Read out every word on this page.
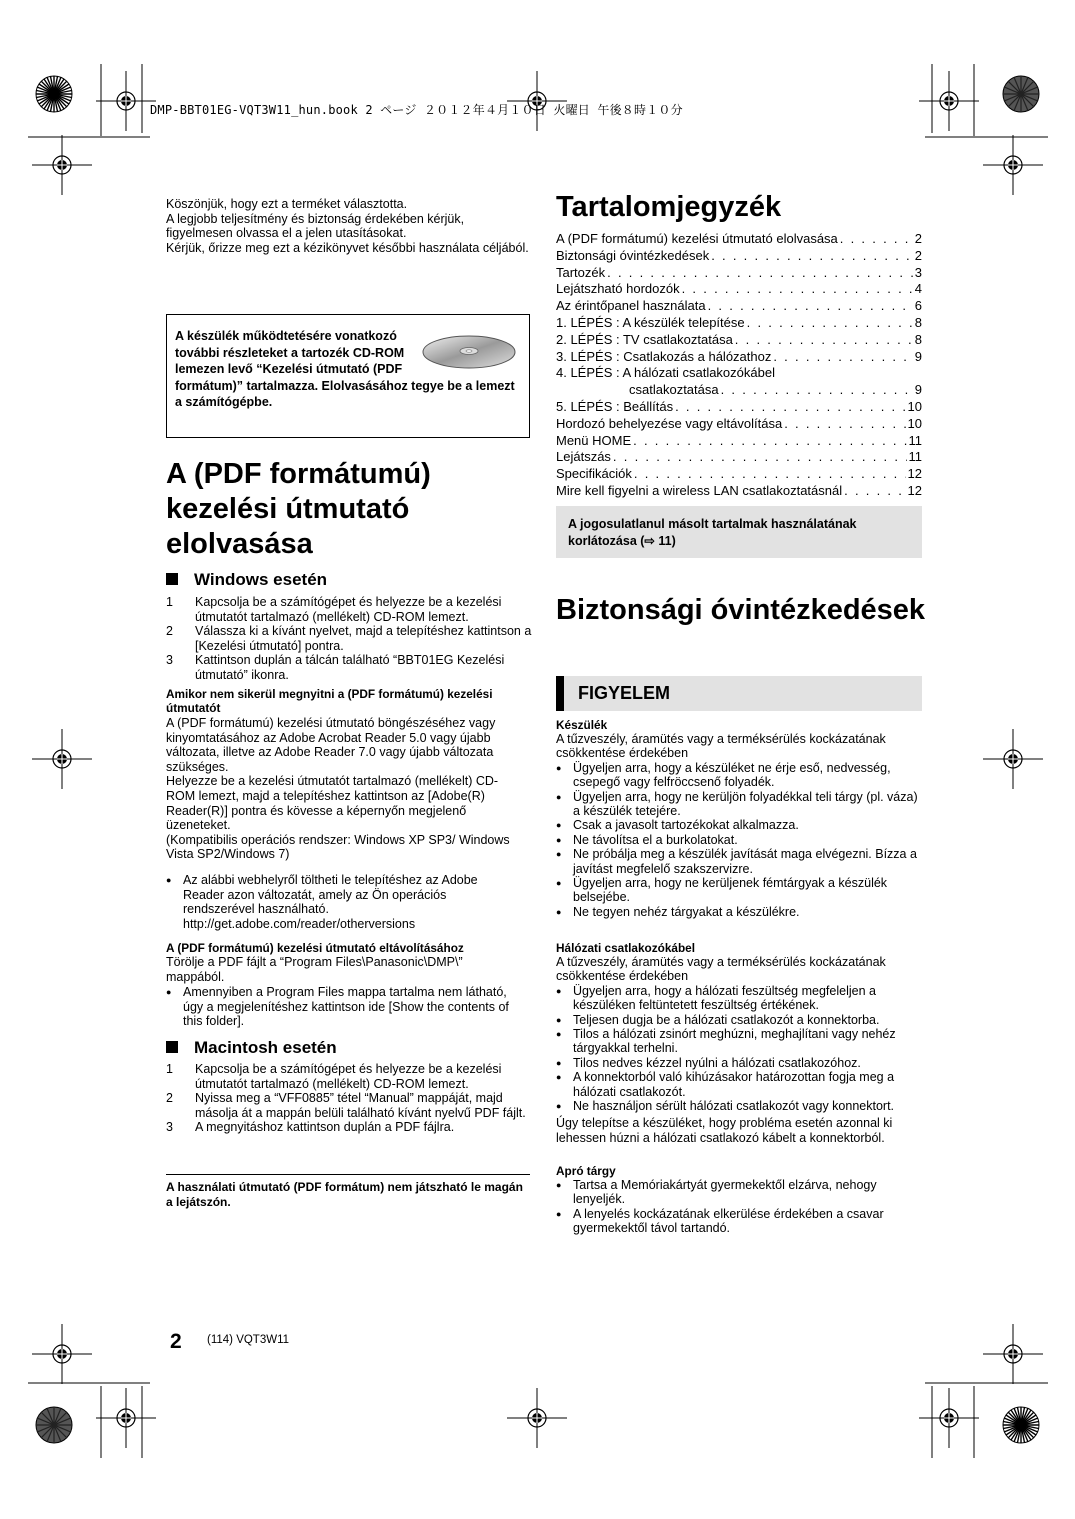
DMP-BBT01EG-VQT3W11_hun.book 2 ページ ２０１２年４月１０日 火曜日 午後８時１０分
Köszönjük, hogy ezt a terméket választotta.
A legjobb teljesítmény és biztonság érdekében kérjük, figyelmesen olvassa el a jelen utasításokat.
Kérjük, őrizze meg ezt a kézikönyvet későbbi használata céljából.
A készülék működtetésére vonatkozó további részleteket a tartozék CD-ROM lemezen levő “Kezelési útmutató (PDF formátum)” tartalmazza. Elolvasásához tegye be a lemezt a számítógépbe.
A (PDF formátumú) kezelési útmutató elolvasása
Windows esetén
1 Kapcsolja be a számítógépet és helyezze be a kezelési útmutatót tartalmazó (mellékelt) CD-ROM lemezt.
2 Válassza ki a kívánt nyelvet, majd a telepítéshez kattintson a [Kezelési útmutató] pontra.
3 Kattintson duplán a tálcán található “BBT01EG Kezelési útmutató” ikonra.
Amikor nem sikerül megnyitni a (PDF formátumú) kezelési útmutatót
A (PDF formátumú) kezelési útmutató böngészéséhez vagy kinyomtatásához az Adobe Acrobat Reader 5.0 vagy újabb változata, illetve az Adobe Reader 7.0 vagy újabb változata szükséges.
Helyezze be a kezelési útmutatót tartalmazó (mellékelt) CD-ROM lemezt, majd a telepítéshez kattintson az [Adobe(R) Reader(R)] pontra és kövesse a képernyőn megjelenő üzeneteket.
(Kompatibilis operációs rendszer: Windows XP SP3/ Windows Vista SP2/Windows 7)
● Az alábbi webhelyről töltheti le telepítéshez az Adobe Reader azon változatát, amely az Ön operációs rendszerével használható.
http://get.adobe.com/reader/otherversions
A (PDF formátumú) kezelési útmutató eltávolításához
Törölje a PDF fájlt a “Program Files\Panasonic\DMP\” mappából.
● Amennyiben a Program Files mappa tartalma nem látható, úgy a megjelenítéshez kattintson ide [Show the contents of this folder].
Macintosh esetén
1 Kapcsolja be a számítógépet és helyezze be a kezelési útmutatót tartalmazó (mellékelt) CD-ROM lemezt.
2 Nyissa meg a “VFF0885” tétel “Manual” mappáját, majd másolja át a mappán belüli található kívánt nyelvű PDF fájlt.
3 A megnyitáshoz kattintson duplán a PDF fájlra.
A használati útmutató (PDF formátum) nem játszható le magán a lejátszón.
Tartalomjegyzék
A (PDF formátumú) kezelési útmutató elolvasása . . .	2
Biztonsági óvintézkedések . . .	2
Tartozék . . .	3
Lejátszható hordozók . . .	4
Az érintőpanel használata . . .	6
1. LÉPÉS : A készülék telepítése . . .	8
2. LÉPÉS : TV csatlakoztatása . . .	8
3. LÉPÉS : Csatlakozás a hálózathoz . . .	9
4. LÉPÉS : A hálózati csatlakozókábel
csatlakoztatása . . .	9
5. LÉPÉS : Beállítás . . .	10
Hordozó behelyezése vagy eltávolítása . . .	10
Menü HOME . . .	11
Lejátszás . . .	11
Specifikációk . . .	12
Mire kell figyelni a wireless LAN csatlakoztatásnál . . .	12
A jogosulatlanul másolt tartalmak használatának korlátozása (⇨ 11)
Biztonsági óvintézkedések
FIGYELEM
Készülék
A tűzveszély, áramütés vagy a terméksérülés kockázatának csökkentése érdekében
● Ügyeljen arra, hogy a készüléket ne érje eső, nedvesség, csepegő vagy felfröccsenő folyadék.
● Ügyeljen arra, hogy ne kerüljön folyadékkal teli tárgy (pl. váza) a készülék tetejére.
● Csak a javasolt tartozékokat alkalmazza.
● Ne távolítsa el a burkolatokat.
● Ne próbálja meg a készülék javítását maga elvégezni. Bízza a javítást megfelelő szakszervizre.
● Ügyeljen arra, hogy ne kerüljenek fémtárgyak a készülék belsejébe.
● Ne tegyen nehéz tárgyakat a készülékre.
Hálózati csatlakozókábel
A tűzveszély, áramütés vagy a terméksérülés kockázatának csökkentése érdekében
● Ügyeljen arra, hogy a hálózati feszültség megfeleljen a készüléken feltüntetett feszültség értékének.
● Teljesen dugja be a hálózati csatlakozót a konnektorba.
● Tilos a hálózati zsinórt meghúzni, meghajlítani vagy nehéz tárgyakkal terhelni.
● Tilos nedves kézzel nyúlni a hálózati csatlakozóhoz.
● A konnektorból való kihúzásakor határozottan fogja meg a hálózati csatlakozót.
● Ne használjon sérült hálózati csatlakozót vagy konnektort.
Úgy telepítse a készüléket, hogy probléma esetén azonnal ki lehessen húzni a hálózati csatlakozó kábelt a konnektorból.
Apró tárgy
● Tartsa a Memóriakártyát gyermekektől elzárva, nehogy lenyeljék.
● A lenyelés kockázatának elkerülése érdekében a csavar gyermekektől távol tartandó.
2 (114) VQT3W11
